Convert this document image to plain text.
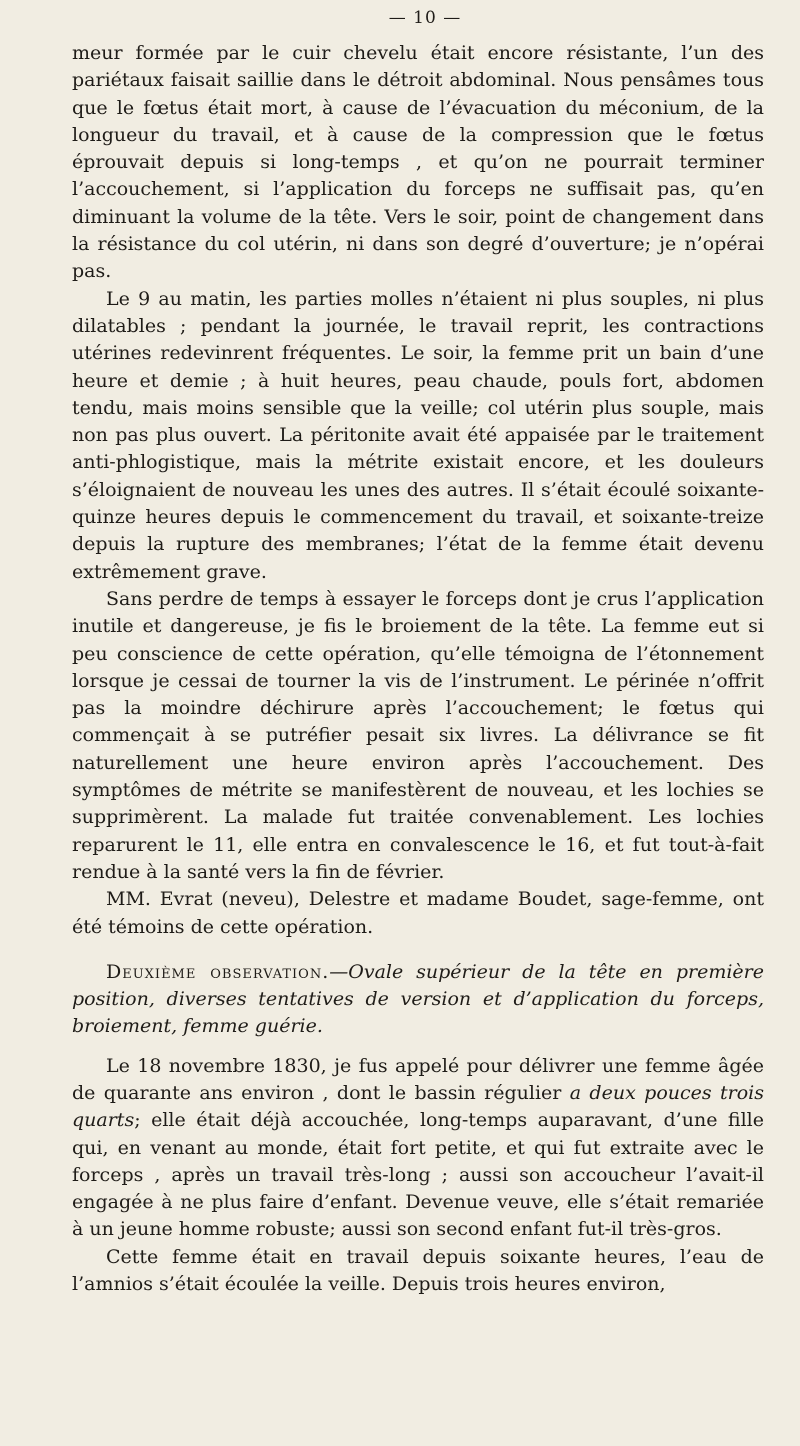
— 10 —

meur formée par le cuir chevelu était encore résistante, l’un des pariétaux faisait saillie dans le détroit abdominal. Nous pensâmes tous que le fœtus était mort, à cause de l’évacuation du méconium, de la longueur du travail, et à cause de la compression que le fœtus éprouvait depuis si long-temps , et qu’on ne pourrait terminer l’accouchement, si l’application du forceps ne suffisait pas, qu’en diminuant la volume de la tête. Vers le soir, point de changement dans la résistance du col utérin, ni dans son degré d’ouverture; je n’opérai pas.

Le 9 au matin, les parties molles n’étaient ni plus souples, ni plus dilatables ; pendant la journée, le travail reprit, les contractions utérines redevinrent fréquentes. Le soir, la femme prit un bain d’une heure et demie ; à huit heures, peau chaude, pouls fort, abdomen tendu, mais moins sensible que la veille; col utérin plus souple, mais non pas plus ouvert. La péritonite avait été appaisée par le traitement anti-phlogistique, mais la métrite existait encore, et les douleurs s’éloignaient de nouveau les unes des autres. Il s’était écoulé soixante-quinze heures depuis le commencement du travail, et soixante-treize depuis la rupture des membranes; l’état de la femme était devenu extrêmement grave.

Sans perdre de temps à essayer le forceps dont je crus l’application inutile et dangereuse, je fis le broiement de la tête. La femme eut si peu conscience de cette opération, qu’elle témoigna de l’étonnement lorsque je cessai de tourner la vis de l’instrument. Le périnée n’offrit pas la moindre déchirure après l’accouchement; le fœtus qui commençait à se putréfier pesait six livres. La délivrance se fit naturellement une heure environ après l’accouchement. Des symptômes de métrite se manifestèrent de nouveau, et les lochies se supprimèrent. La malade fut traitée convenablement. Les lochies reparurent le 11, elle entra en convalescence le 16, et fut tout-à-fait rendue à la santé vers la fin de février.

MM. Evrat (neveu), Delestre et madame Boudet, sage-femme, ont été témoins de cette opération.

Deuxième observation.—Ovale supérieur de la tête en première position, diverses tentatives de version et d’application du forceps, broiement, femme guérie.

Le 18 novembre 1830, je fus appelé pour délivrer une femme âgée de quarante ans environ , dont le bassin régulier a deux pouces trois quarts; elle était déjà accouchée, long-temps auparavant, d’une fille qui, en venant au monde, était fort petite, et qui fut extraite avec le forceps , après un travail très-long ; aussi son accoucheur l’avait-il engagée à ne plus faire d’enfant. Devenue veuve, elle s’était remariée à un jeune homme robuste; aussi son second enfant fut-il très-gros.

Cette femme était en travail depuis soixante heures, l’eau de l’amnios s’était écoulée la veille. Depuis trois heures environ,
